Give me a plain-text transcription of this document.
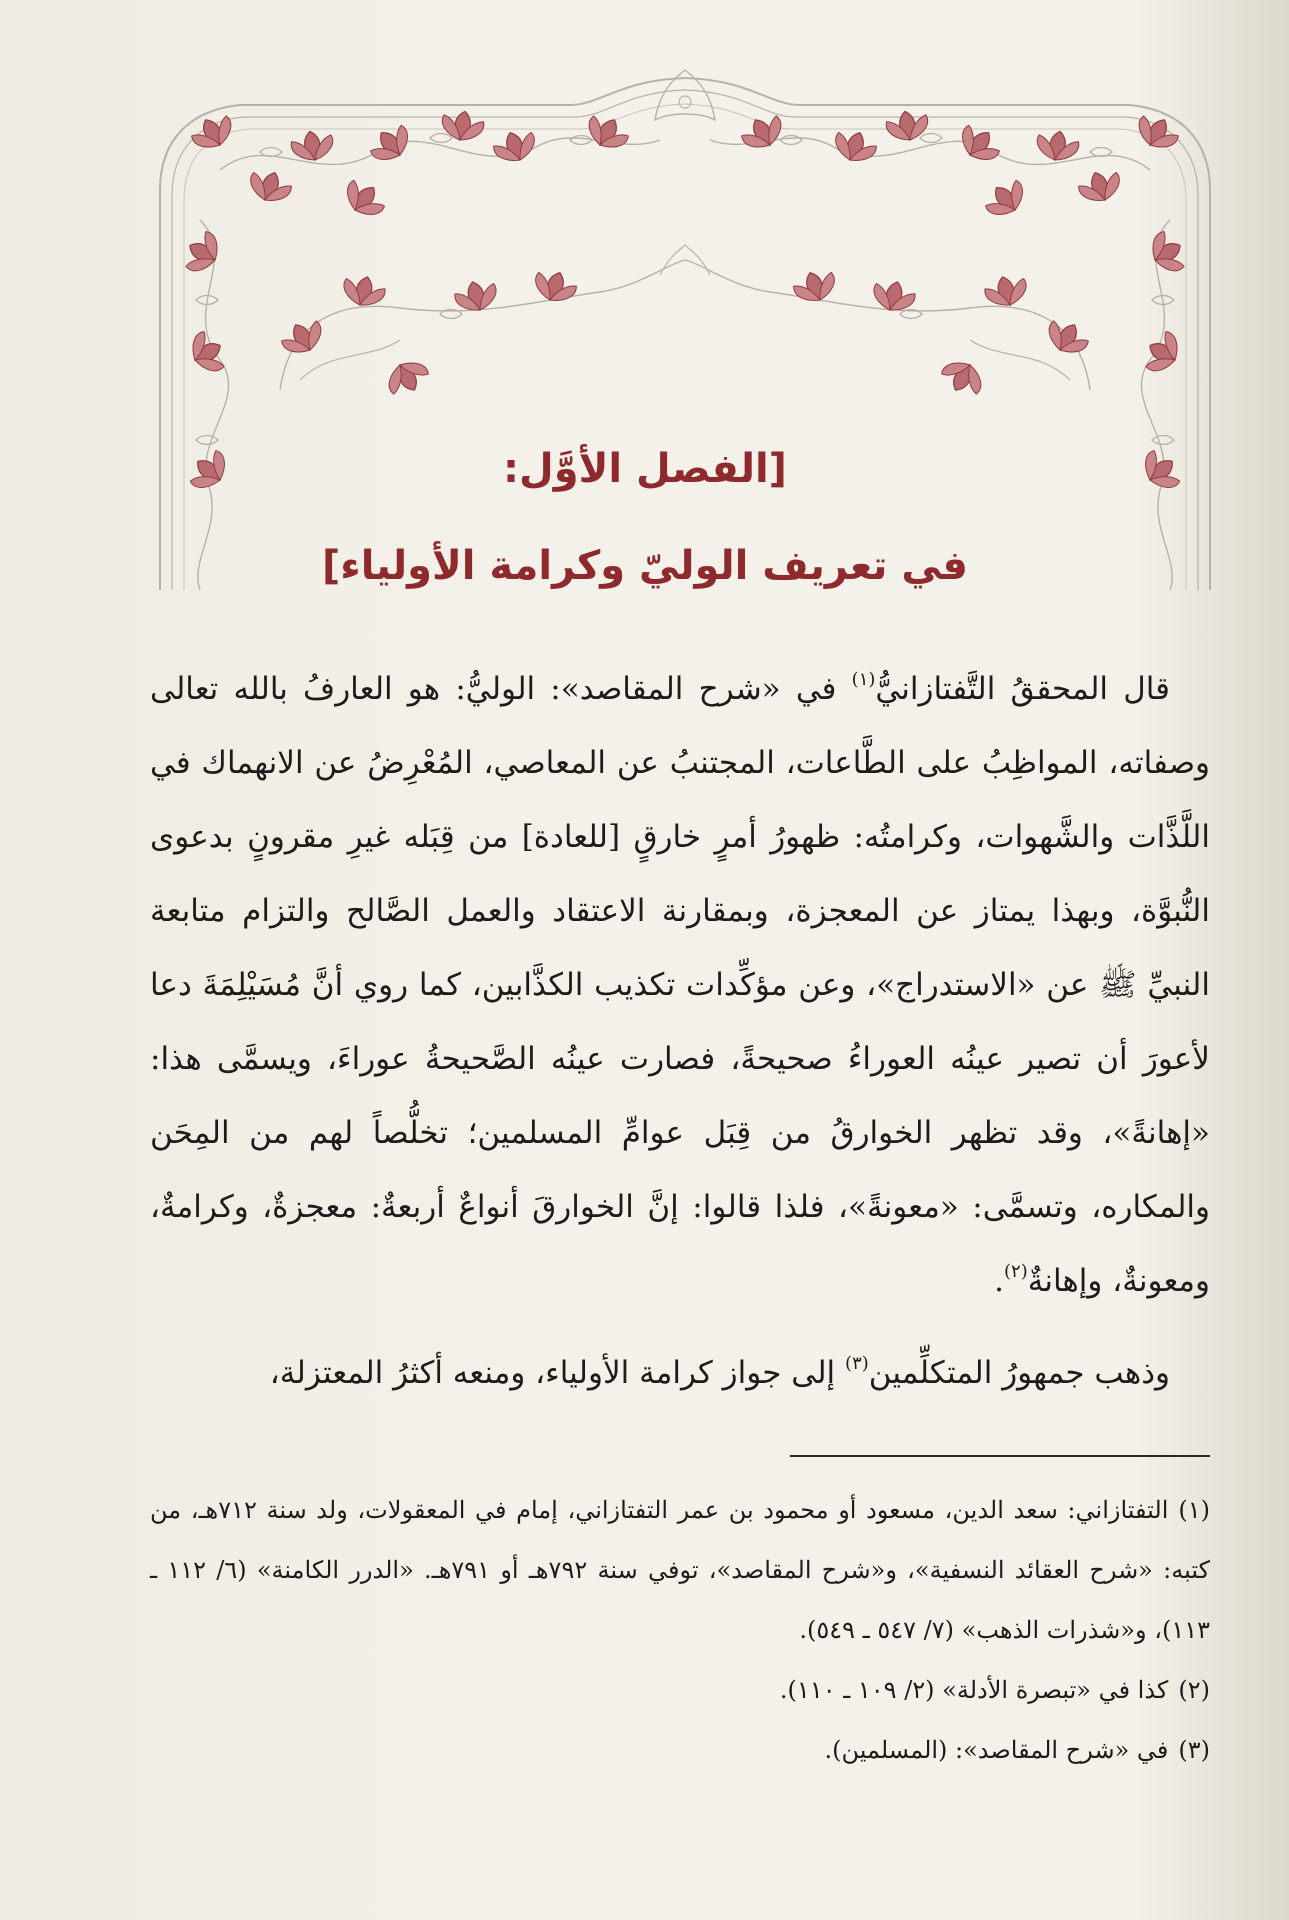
[الفصل الأوَّل:
في تعريف الوليّ وكرامة الأولياء]

قال المحققُ التَّفتازانيُّ$^{(١)}$ في «شرح المقاصد»: الوليُّ: هو العارفُ بالله تعالى وصفاته، المواظِبُ على الطَّاعات، المجتنبُ عن المعاصي، المُعْرِضُ عن الانهماك في اللَّذَّات والشَّهوات، وكرامتُه: ظهورُ أمرٍ خارقٍ [للعادة] من قِبَله غيرِ مقرونٍ بدعوى النُّبوَّة، وبهذا يمتاز عن المعجزة، وبمقارنة الاعتقاد والعمل الصَّالح والتزام متابعة النبيِّ ﷺ عن «الاستدراج»، وعن مؤكِّدات تكذيب الكذَّابين، كما روي أنَّ مُسَيْلِمَةَ دعا لأعورَ أن تصير عينُه العوراءُ صحيحةً، فصارت عينُه الصَّحيحةُ عوراءَ، ويسمَّى هذا: «إهانةً»، وقد تظهر الخوارقُ من قِبَل عوامِّ المسلمين؛ تخلُّصاً لهم من المِحَن والمكاره، وتسمَّى: «معونةً»، فلذا قالوا: إنَّ الخوارقَ أنواعٌ أربعةٌ: معجزةٌ، وكرامةٌ، ومعونةٌ، وإهانةٌ$^{(٢)}$.

وذهب جمهورُ المتكلِّمين$^{(٣)}$ إلى جواز كرامة الأولياء، ومنعه أكثرُ المعتزلة،

(١)التفتازاني: سعد الدين، مسعود أو محمود بن عمر التفتازاني، إمام في المعقولات، ولد سنة ٧١٢هـ، من كتبه: «شرح العقائد النسفية»، و«شرح المقاصد»، توفي سنة ٧٩٢هـ أو ٧٩١هـ. «الدرر الكامنة» (٦/ ١١٢ ـ ١١٣)، و«شذرات الذهب» (٧/ ٥٤٧ ـ ٥٤٩).

(٢)كذا في «تبصرة الأدلة» (٢/ ١٠٩ ـ ١١٠).

(٣)في «شرح المقاصد»: (المسلمين).
